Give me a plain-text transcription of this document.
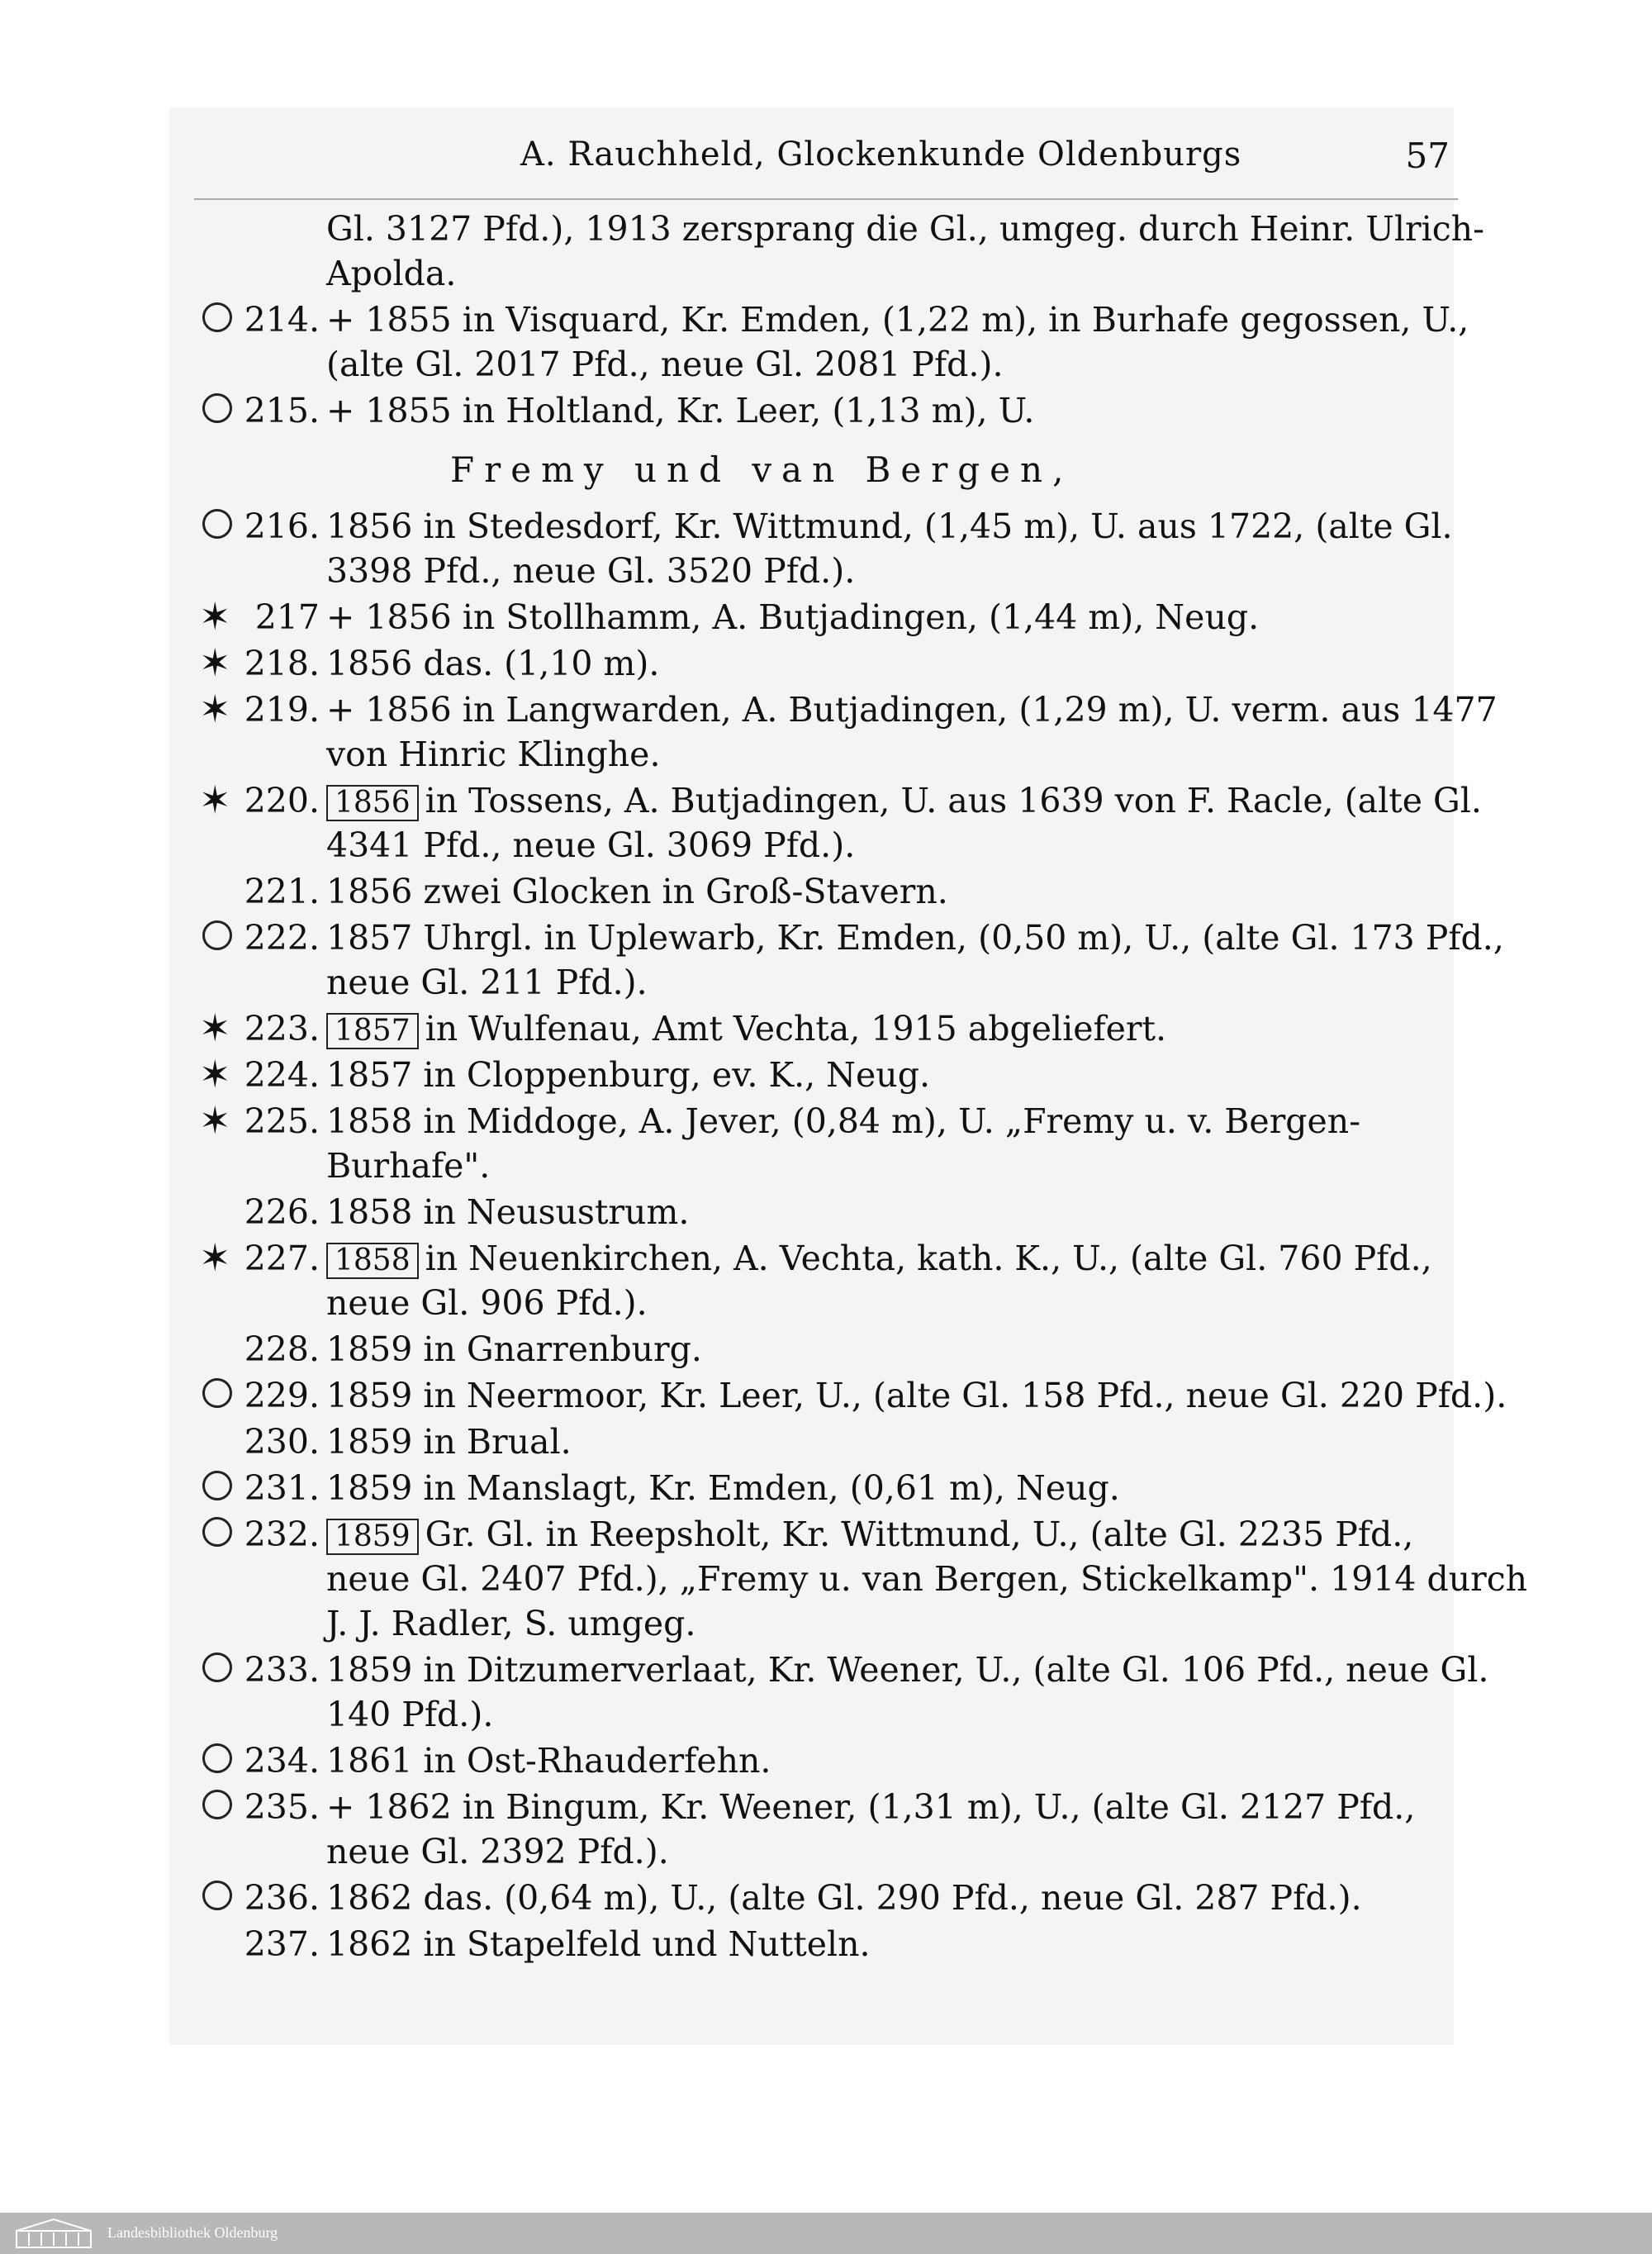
A. Rauchheld, Glockenkunde Oldenburgs	57
Gl. 3127 Pfd.), 1913 zersprang die Gl., umgeg. durch Heinr. Ulrich-
Apolda.
214. + 1855 in Visquard, Kr. Emden, (1,22 m), in Burhafe gegossen, U.,
(alte Gl. 2017 Pfd., neue Gl. 2081 Pfd.).
215. + 1855 in Holtland, Kr. Leer, (1,13 m), U.
Fremy und van Bergen,
216. 1856 in Stedesdorf, Kr. Wittmund, (1,45 m), U. aus 1722, (alte Gl.
3398 Pfd., neue Gl. 3520 Pfd.).
✶
217 + 1856 in Stollhamm, A. Butjadingen, (1,44 m), Neug.
✶
218. 1856 das. (1,10 m).
✶
219. + 1856 in Langwarden, A. Butjadingen, (1,29 m), U. verm. aus 1477
von Hinric Klinghe.
✶
220. 1856 in Tossens, A. Butjadingen, U. aus 1639 von F. Racle, (alte Gl.
4341 Pfd., neue Gl. 3069 Pfd.).
221. 1856 zwei Glocken in Groß-Stavern.
222. 1857 Uhrgl. in Uplewarb, Kr. Emden, (0,50 m), U., (alte Gl. 173 Pfd.,
neue Gl. 211 Pfd.).
✶
223. 1857 in Wulfenau, Amt Vechta, 1915 abgeliefert.
✶
224. 1857 in Cloppenburg, ev. K., Neug.
✶
225. 1858 in Middoge, A. Jever, (0,84 m), U. „Fremy u. v. Bergen-
Burhafe".
226. 1858 in Neusustrum.
✶
227. 1858 in Neuenkirchen, A. Vechta, kath. K., U., (alte Gl. 760 Pfd.,
neue Gl. 906 Pfd.).
228. 1859 in Gnarrenburg.
229. 1859 in Neermoor, Kr. Leer, U., (alte Gl. 158 Pfd., neue Gl. 220 Pfd.).
230. 1859 in Brual.
231. 1859 in Manslagt, Kr. Emden, (0,61 m), Neug.
232. 1859 Gr. Gl. in Reepsholt, Kr. Wittmund, U., (alte Gl. 2235 Pfd.,
neue Gl. 2407 Pfd.), „Fremy u. van Bergen, Stickelkamp". 1914 durch
J. J. Radler, S. umgeg.
233. 1859 in Ditzumerverlaat, Kr. Weener, U., (alte Gl. 106 Pfd., neue Gl.
140 Pfd.).
234. 1861 in Ost-Rhauderfehn.
235. + 1862 in Bingum, Kr. Weener, (1,31 m), U., (alte Gl. 2127 Pfd.,
neue Gl. 2392 Pfd.).
236. 1862 das. (0,64 m), U., (alte Gl. 290 Pfd., neue Gl. 287 Pfd.).
237. 1862 in Stapelfeld und Nutteln.
Landesbibliothek Oldenburg
